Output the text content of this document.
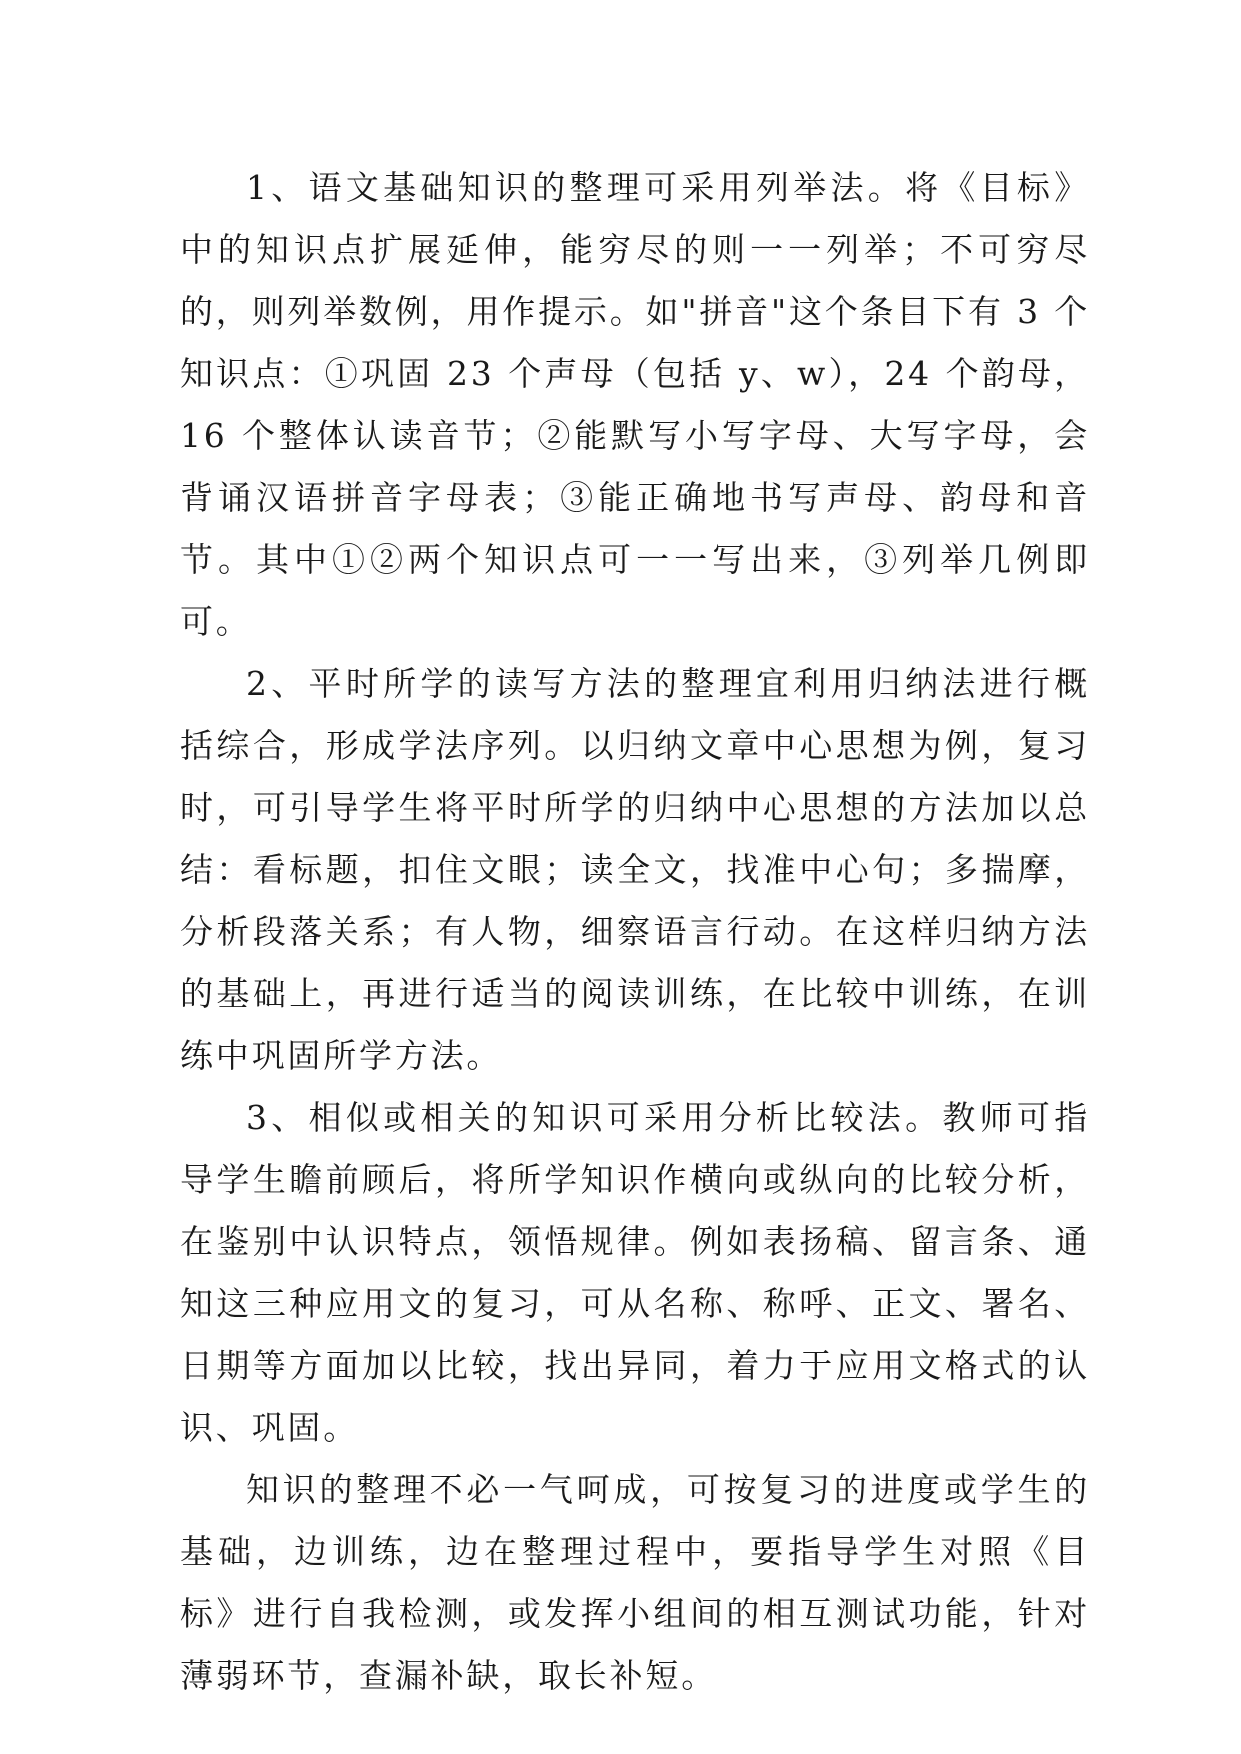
1、语文基础知识的整理可采用列举法。将《目标》中的知识点扩展延伸，能穷尽的则一一列举；不可穷尽的，则列举数例，用作提示。如"拼音"这个条目下有 3 个知识点：①巩固 23 个声母（包括 y、w），24 个韵母，16 个整体认读音节；②能默写小写字母、大写字母，会背诵汉语拼音字母表；③能正确地书写声母、韵母和音节。其中①②两个知识点可一一写出来，③列举几例即可。

2、平时所学的读写方法的整理宜利用归纳法进行概括综合，形成学法序列。以归纳文章中心思想为例，复习时，可引导学生将平时所学的归纳中心思想的方法加以总结：看标题，扣住文眼；读全文，找准中心句；多揣摩，分析段落关系；有人物，细察语言行动。在这样归纳方法的基础上，再进行适当的阅读训练，在比较中训练，在训练中巩固所学方法。

3、相似或相关的知识可采用分析比较法。教师可指导学生瞻前顾后，将所学知识作横向或纵向的比较分析，在鉴别中认识特点，领悟规律。例如表扬稿、留言条、通知这三种应用文的复习，可从名称、称呼、正文、署名、日期等方面加以比较，找出异同，着力于应用文格式的认识、巩固。

知识的整理不必一气呵成，可按复习的进度或学生的基础，边训练，边在整理过程中，要指导学生对照《目标》进行自我检测，或发挥小组间的相互测试功能，针对薄弱环节，查漏补缺，取长补短。
